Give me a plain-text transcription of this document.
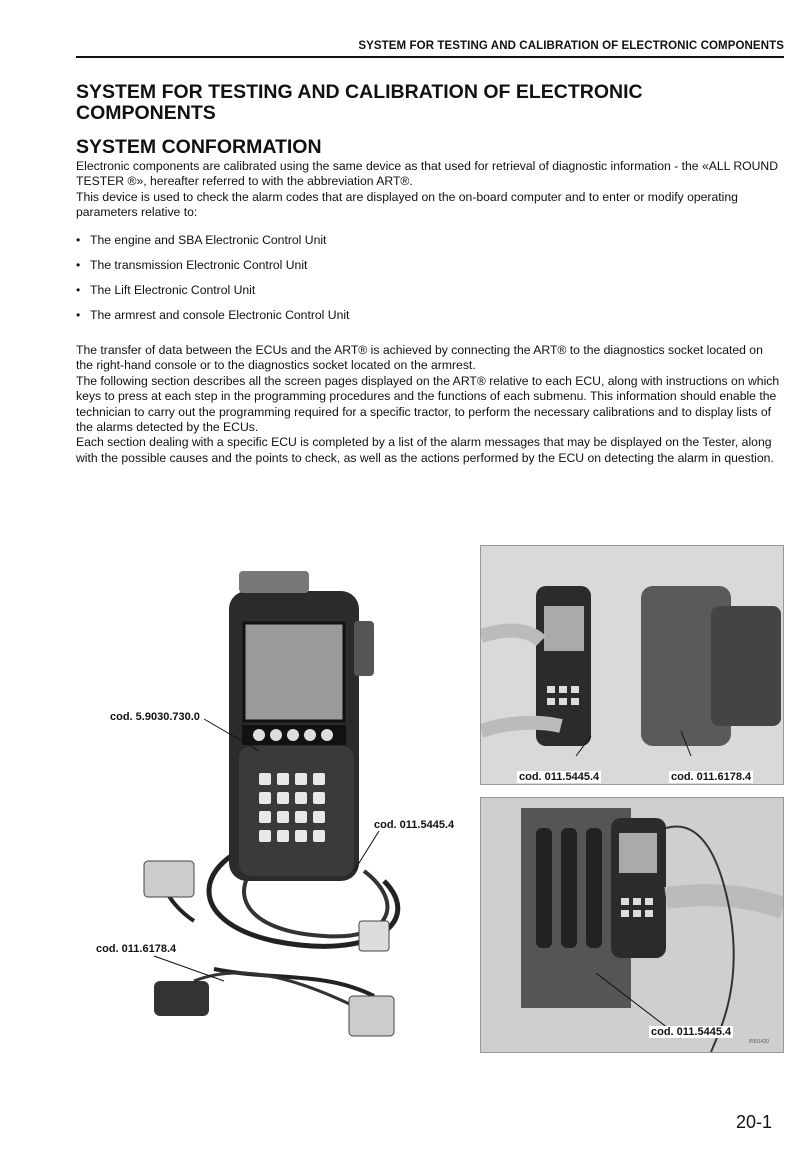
SYSTEM FOR TESTING AND CALIBRATION OF ELECTRONIC COMPONENTS
SYSTEM FOR TESTING AND CALIBRATION OF ELECTRONIC COMPONENTS
SYSTEM CONFORMATION

Electronic components are calibrated using the same device as that used for retrieval of diagnostic information - the «ALL ROUND TESTER ®», hereafter referred to with the abbreviation ART®.

This device is used to check the alarm codes that are displayed on the on-board computer and to enter or modify operating parameters relative to:

• The engine and SBA Electronic Control Unit
• The transmission Electronic Control Unit
• The Lift Electronic Control Unit
• The armrest and console Electronic Control Unit

The transfer of data between the ECUs and the ART® is achieved by connecting the ART® to the diagnostics socket located on the right-hand console or to the diagnostics socket located on the armrest.

The following section describes all the screen pages displayed on the ART® relative to each ECU, along with instructions on which keys to press at each step in the programming procedures and the functions of each submenu. This information should enable the technician to carry out the programming required for a specific tractor, to perform the necessary calibrations and to display lists of the alarms detected by the ECUs.

Each section dealing with a specific ECU is completed by a list of the alarm messages that may be displayed on the Tester, along with the possible causes and the points to check, as well as the actions performed by the ECU on detecting the alarm in question.

cod. 5.9030.730.0
cod. 011.5445.4
cod. 011.6178.4
cod. 011.5445.4	cod. 011.6178.4
cod. 011.5445.4
P001420
20-1
